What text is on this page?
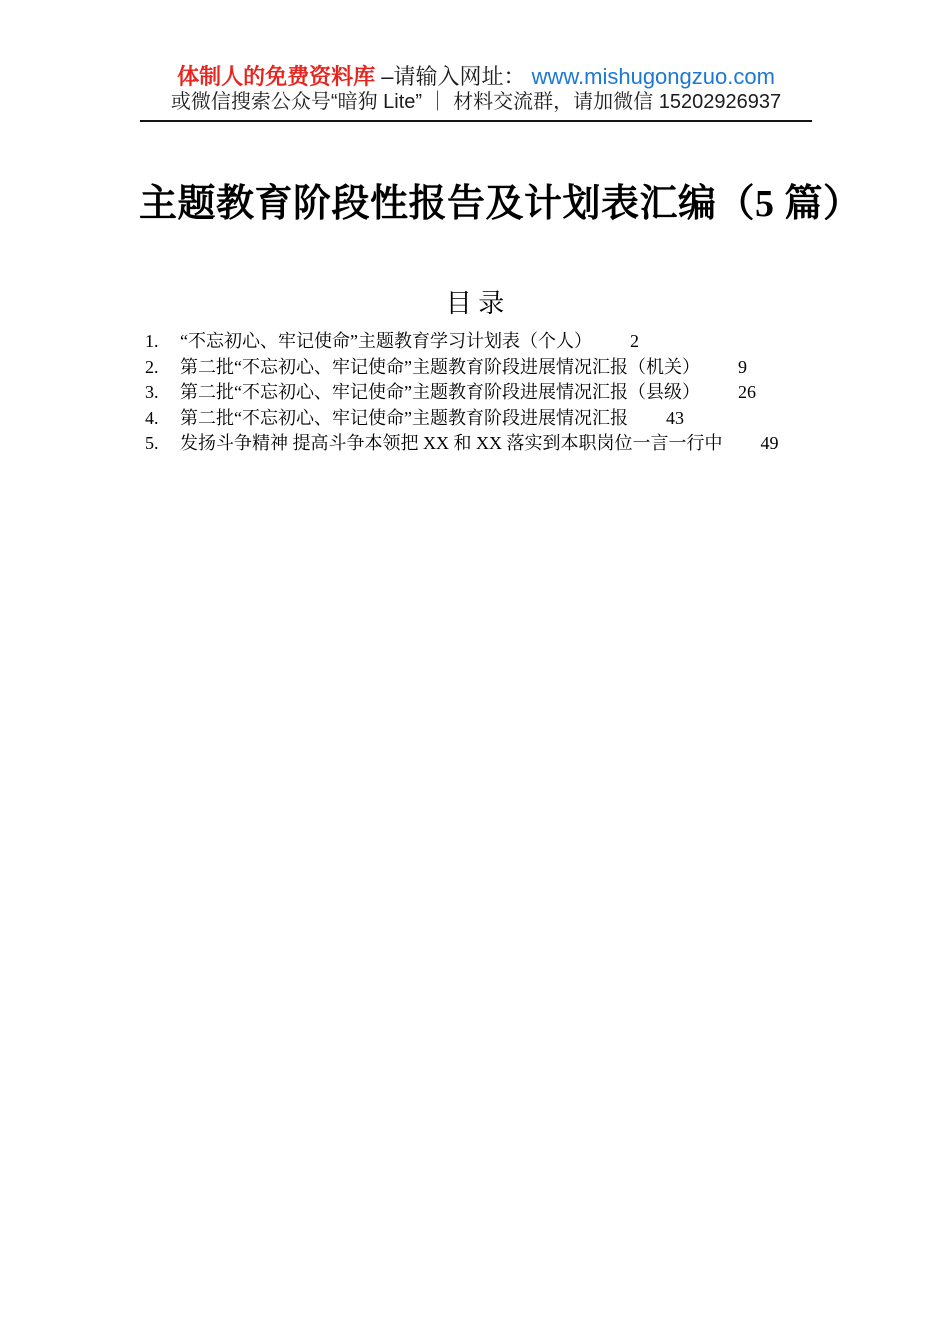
体制人的免费资料库 –请输入网址： www.mishugongzuo.com
或微信搜索公众号“暗狗 Lite” ｜ 材料交流群，请加微信 15202926937
主题教育阶段性报告及计划表汇编（5 篇）
目 录
1.	“不忘初心、牢记使命”主题教育学习计划表（个人） 2
2.	第二批“不忘初心、牢记使命”主题教育阶段进展情况汇报（机关） 9
3.	第二批“不忘初心、牢记使命”主题教育阶段进展情况汇报（县级） 26
4.	第二批“不忘初心、牢记使命”主题教育阶段进展情况汇报 43
5.	发扬斗争精神 提高斗争本领把 XX 和 XX 落实到本职岗位一言一行中 49
